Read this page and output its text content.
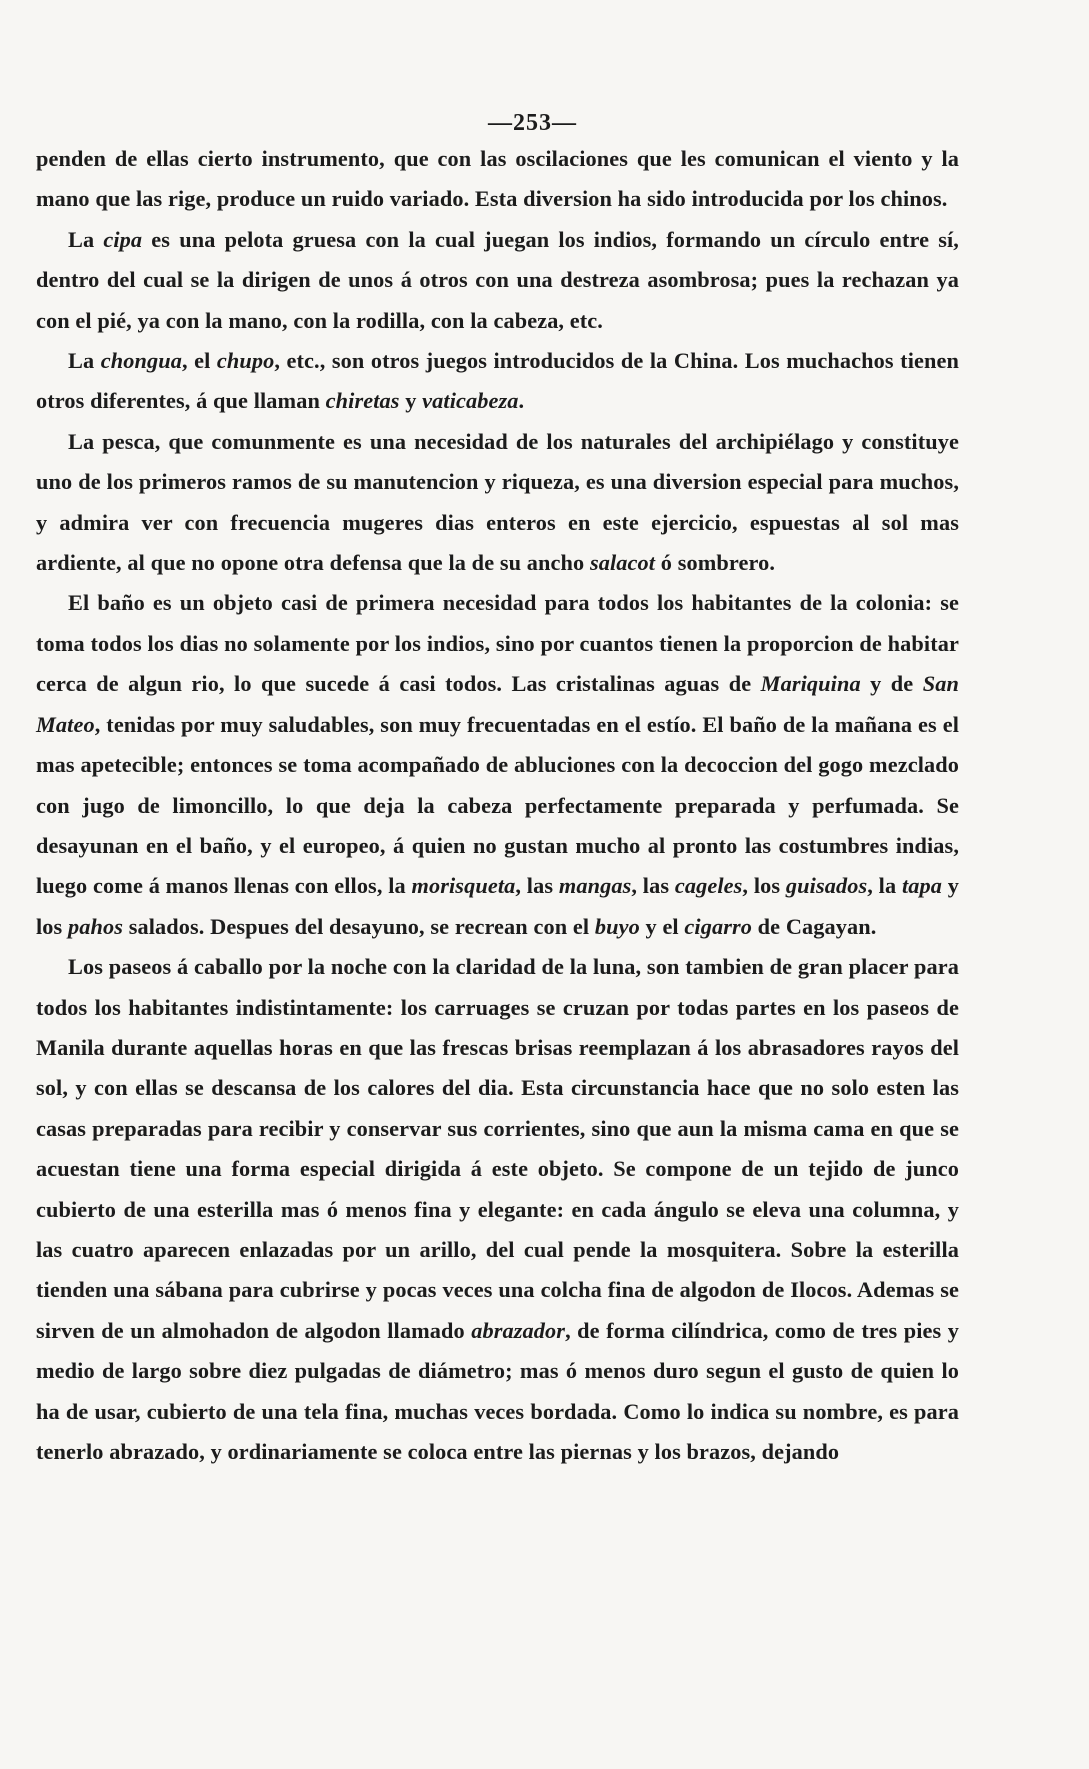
—253—

penden de ellas cierto instrumento, que con las oscilaciones que les comunican el viento y la mano que las rige, produce un ruido variado. Esta diversion ha sido introducida por los chinos.

La cipa es una pelota gruesa con la cual juegan los indios, formando un círculo entre sí, dentro del cual se la dirigen de unos á otros con una destreza asombrosa; pues la rechazan ya con el pié, ya con la mano, con la rodilla, con la cabeza, etc.

La chongua, el chupo, etc., son otros juegos introducidos de la China. Los muchachos tienen otros diferentes, á que llaman chiretas y vaticabeza.

La pesca, que comunmente es una necesidad de los naturales del archipiélago y constituye uno de los primeros ramos de su manutencion y riqueza, es una diversion especial para muchos, y admira ver con frecuencia mugeres dias enteros en este ejercicio, espuestas al sol mas ardiente, al que no opone otra defensa que la de su ancho salacot ó sombrero.

El baño es un objeto casi de primera necesidad para todos los habitantes de la colonia: se toma todos los dias no solamente por los indios, sino por cuantos tienen la proporcion de habitar cerca de algun rio, lo que sucede á casi todos. Las cristalinas aguas de Mariquina y de San Mateo, tenidas por muy saludables, son muy frecuentadas en el estío. El baño de la mañana es el mas apetecible; entonces se toma acompañado de abluciones con la decoccion del gogo mezclado con jugo de limoncillo, lo que deja la cabeza perfectamente preparada y perfumada. Se desayunan en el baño, y el europeo, á quien no gustan mucho al pronto las costumbres indias, luego come á manos llenas con ellos, la morisqueta, las mangas, las cageles, los guisados, la tapa y los pahos salados. Despues del desayuno, se recrean con el buyo y el cigarro de Cagayan.

Los paseos á caballo por la noche con la claridad de la luna, son tambien de gran placer para todos los habitantes indistintamente: los carruages se cruzan por todas partes en los paseos de Manila durante aquellas horas en que las frescas brisas reemplazan á los abrasadores rayos del sol, y con ellas se descansa de los calores del dia. Esta circunstancia hace que no solo esten las casas preparadas para recibir y conservar sus corrientes, sino que aun la misma cama en que se acuestan tiene una forma especial dirigida á este objeto. Se compone de un tejido de junco cubierto de una esterilla mas ó menos fina y elegante: en cada ángulo se eleva una columna, y las cuatro aparecen enlazadas por un arillo, del cual pende la mosquitera. Sobre la esterilla tienden una sábana para cubrirse y pocas veces una colcha fina de algodon de Ilocos. Ademas se sirven de un almohadon de algodon llamado abrazador, de forma cilíndrica, como de tres pies y medio de largo sobre diez pulgadas de diámetro; mas ó menos duro segun el gusto de quien lo ha de usar, cubierto de una tela fina, muchas veces bordada. Como lo indica su nombre, es para tenerlo abrazado, y ordinariamente se coloca entre las piernas y los brazos, dejando
